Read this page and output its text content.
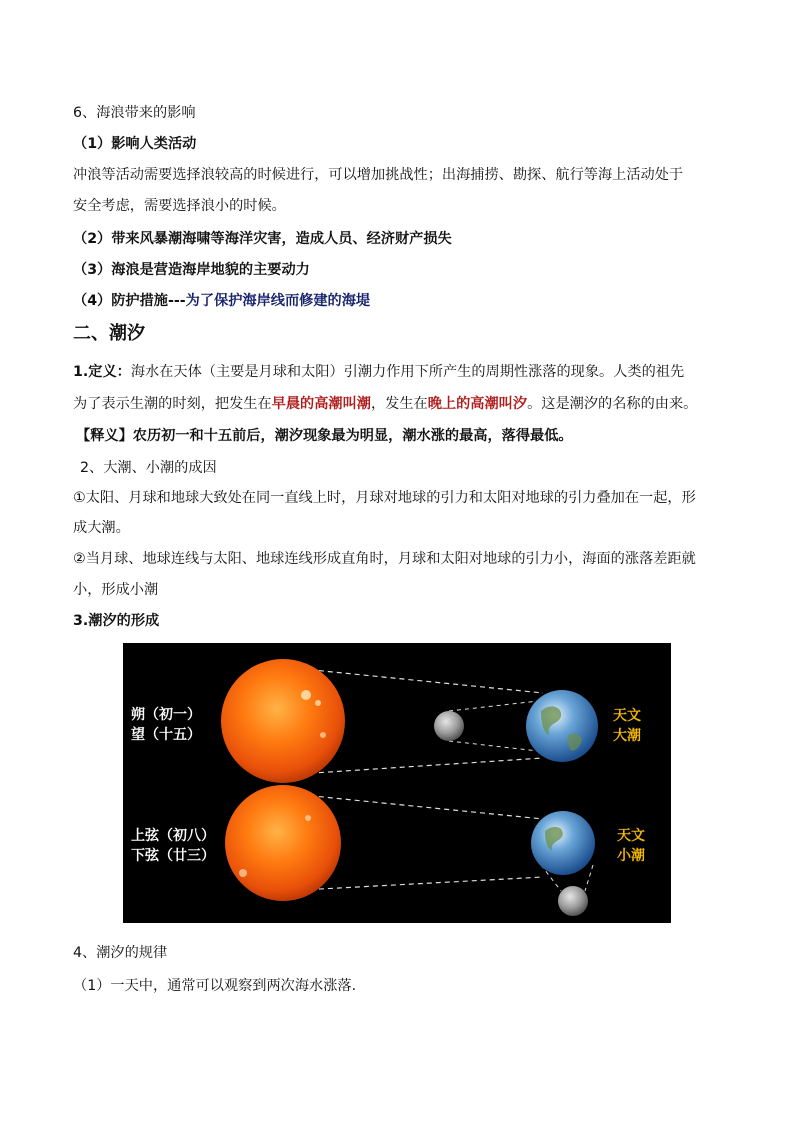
6、海浪带来的影响
（1）影响人类活动
冲浪等活动需要选择浪较高的时候进行，可以增加挑战性；出海捕捞、勘探、航行等海上活动处于
安全考虑，需要选择浪小的时候。
（2）带来风暴潮海啸等海洋灾害，造成人员、经济财产损失
（3）海浪是营造海岸地貌的主要动力
（4）防护措施---为了保护海岸线而修建的海堤
二、潮汐
1.定义：海水在天体（主要是月球和太阳）引潮力作用下所产生的周期性涨落的现象。人类的祖先
为了表示生潮的时刻，把发生在早晨的高潮叫潮，发生在晚上的高潮叫汐。这是潮汐的名称的由来。
【释义】农历初一和十五前后，潮汐现象最为明显，潮水涨的最高，落得最低。
2、大潮、小潮的成因
①太阳、月球和地球大致处在同一直线上时，月球对地球的引力和太阳对地球的引力叠加在一起，形
成大潮。
②当月球、地球连线与太阳、地球连线形成直角时，月球和太阳对地球的引力小，海面的涨落差距就
小，形成小潮
3.潮汐的形成
朔（初一）
望（十五）
天文
大潮
上弦（初八）
下弦（廿三）
天文
小潮
4、潮汐的规律
（1）一天中，通常可以观察到两次海水涨落.
